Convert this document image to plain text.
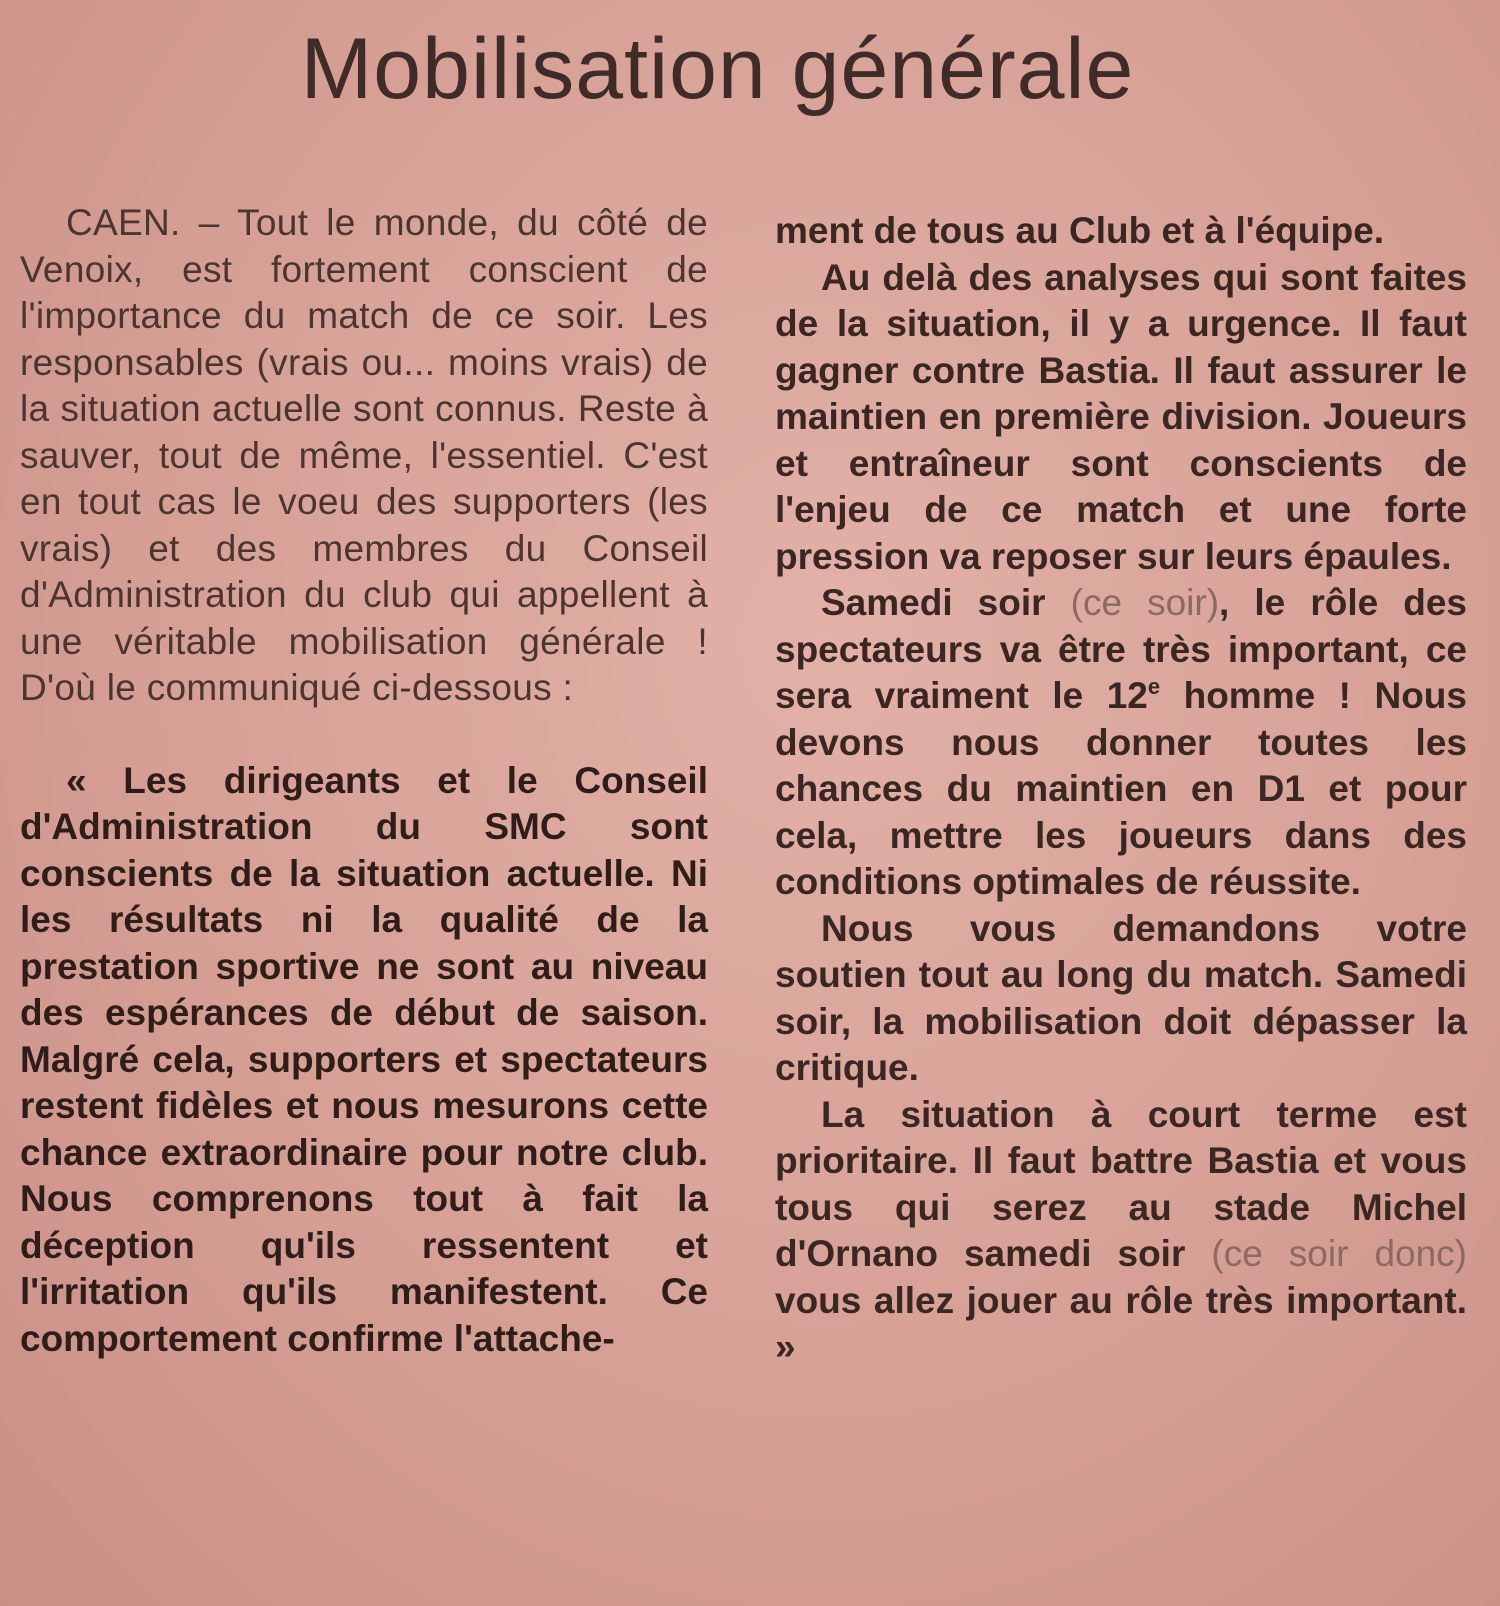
Mobilisation générale

CAEN. – Tout le monde, du côté de Venoix, est fortement conscient de l'importance du match de ce soir. Les responsables (vrais ou... moins vrais) de la situation actuelle sont connus. Reste à sauver, tout de même, l'essentiel. C'est en tout cas le voeu des supporters (les vrais) et des membres du Conseil d'Administration du club qui appellent à une véritable mobilisation générale ! D'où le communiqué ci-dessous :

« Les dirigeants et le Conseil d'Administration du SMC sont conscients de la situation actuelle. Ni les résultats ni la qualité de la prestation sportive ne sont au niveau des espérances de début de saison. Malgré cela, supporters et spectateurs restent fidèles et nous mesurons cette chance extraordinaire pour notre club. Nous comprenons tout à fait la déception qu'ils ressentent et l'irritation qu'ils manifestent. Ce comportement confirme l'attache-

ment de tous au Club et à l'équipe.

Au delà des analyses qui sont faites de la situation, il y a urgence. Il faut gagner contre Bastia. Il faut assurer le maintien en première division. Joueurs et entraîneur sont conscients de l'enjeu de ce match et une forte pression va reposer sur leurs épaules.

Samedi soir (ce soir), le rôle des spectateurs va être très important, ce sera vraiment le 12e homme ! Nous devons nous donner toutes les chances du maintien en D1 et pour cela, mettre les joueurs dans des conditions optimales de réussite.

Nous vous demandons votre soutien tout au long du match. Samedi soir, la mobilisation doit dépasser la critique.

La situation à court terme est prioritaire. Il faut battre Bastia et vous tous qui serez au stade Michel d'Ornano samedi soir (ce soir donc) vous allez jouer au rôle très important. »
